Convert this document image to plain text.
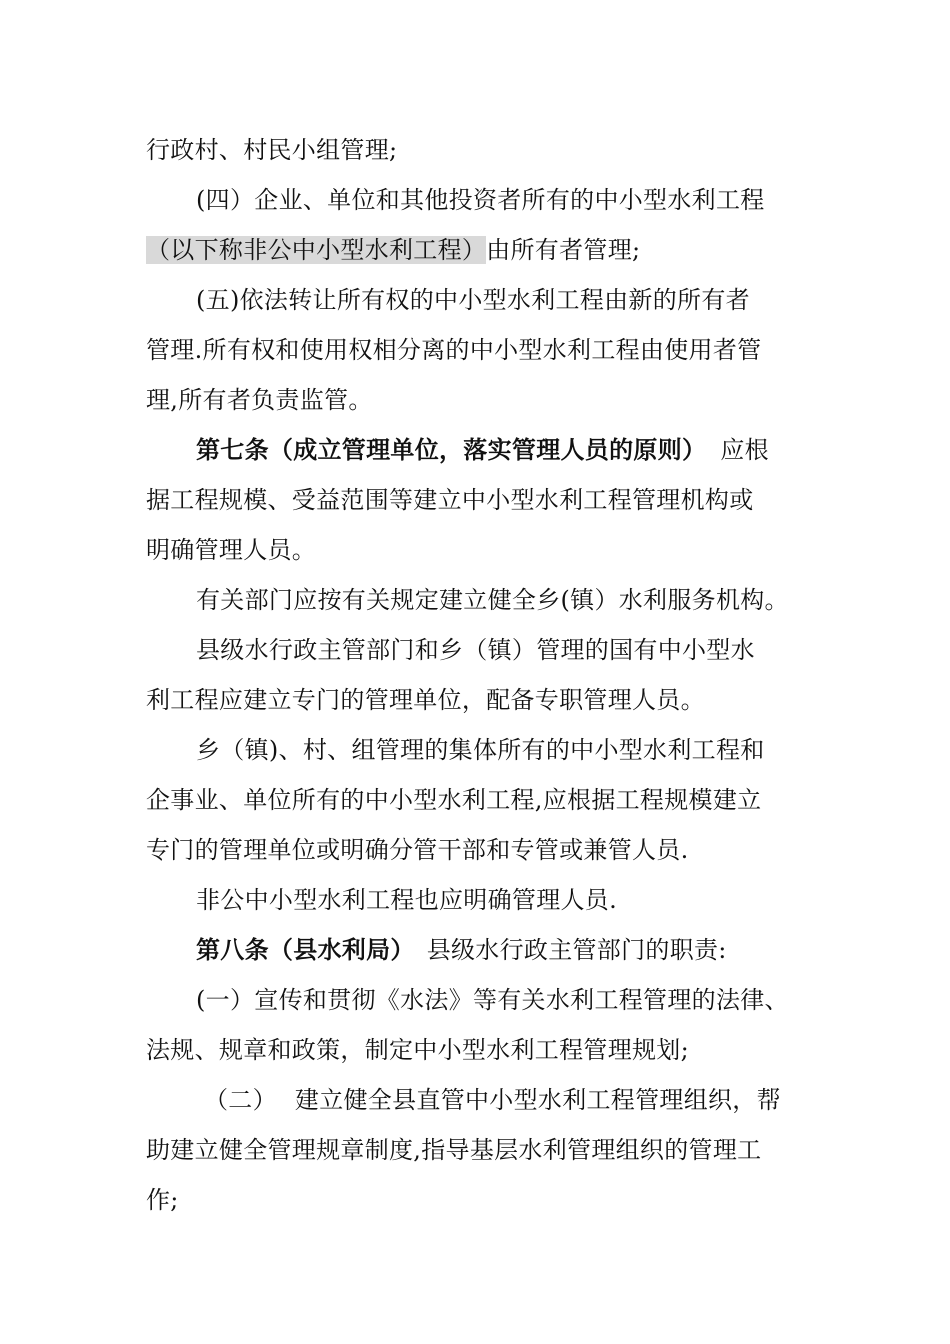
行政村、村民小组管理;
(四）企业、单位和其他投资者所有的中小型水利工程
（以下称非公中小型水利工程）由所有者管理;
(五)依法转让所有权的中小型水利工程由新的所有者
管理.所有权和使用权相分离的中小型水利工程由使用者管
理,所有者负责监管。
第七条（成立管理单位，落实管理人员的原则） 应根
据工程规模、受益范围等建立中小型水利工程管理机构或
明确管理人员。
有关部门应按有关规定建立健全乡(镇）水利服务机构。
县级水行政主管部门和乡（镇）管理的国有中小型水
利工程应建立专门的管理单位，配备专职管理人员。
乡（镇)、村、组管理的集体所有的中小型水利工程和
企事业、单位所有的中小型水利工程,应根据工程规模建立
专门的管理单位或明确分管干部和专管或兼管人员.
非公中小型水利工程也应明确管理人员.
第八条（县水利局） 县级水行政主管部门的职责:
(一）宣传和贯彻《水法》等有关水利工程管理的法律、
法规、规章和政策，制定中小型水利工程管理规划;
（二） 建立健全县直管中小型水利工程管理组织，帮
助建立健全管理规章制度,指导基层水利管理组织的管理工
作;
